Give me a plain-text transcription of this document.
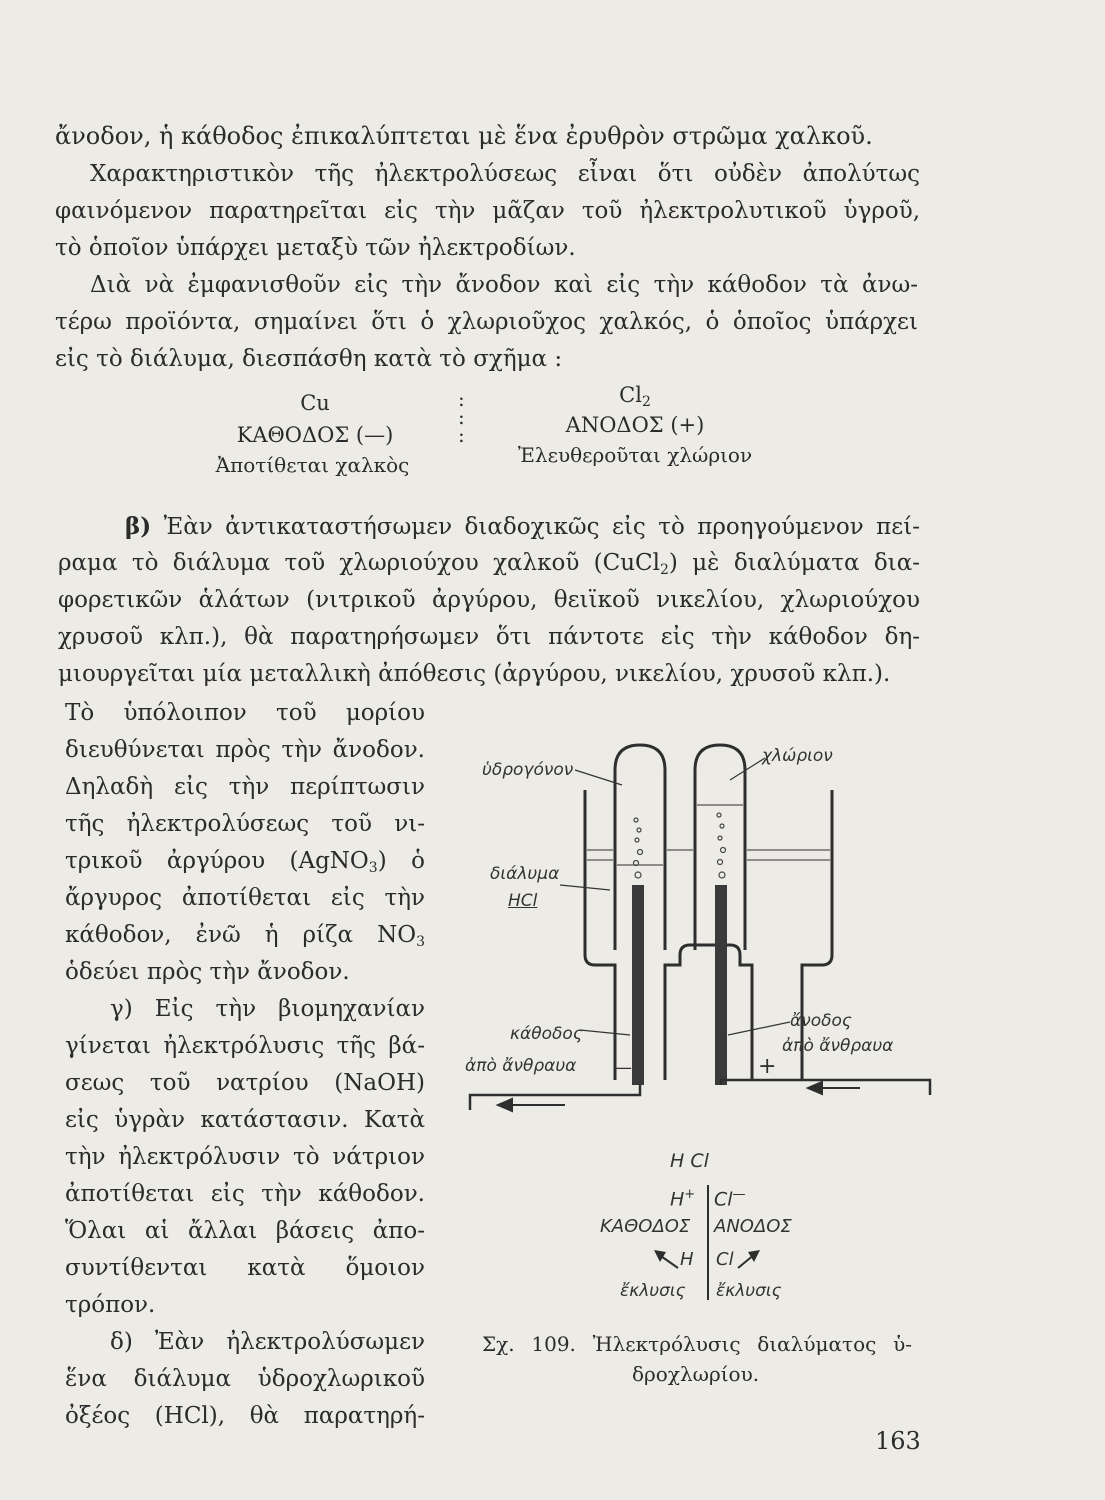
ἄνοδον, ἡ κάθοδος ἐπικαλύπτεται μὲ ἕνα ἐρυθρὸν στρῶμα χαλκοῦ.
Χαρακτηριστικὸν τῆς ἠλεκτρολύσεως εἶναι ὅτι οὐδὲν ἀπολύτως
φαινόμενον παρατηρεῖται εἰς τὴν μᾶζαν τοῦ ἠλεκτρολυτικοῦ ὑγροῦ,
τὸ ὁποῖον ὑπάρχει μεταξὺ τῶν ἠλεκτροδίων.
Διὰ νὰ ἐμφανισθοῦν εἰς τὴν ἄνοδον καὶ εἰς τὴν κάθοδον τὰ ἀνω-
τέρω προϊόντα, σημαίνει ὅτι ὁ χλωριοῦχος χαλκός, ὁ ὁποῖος ὑπάρχει
εἰς τὸ διάλυμα, διεσπάσθη κατὰ τὸ σχῆμα :
Cu
ΚΑΘΟΔΟΣ (—)
Ἀποτίθεται χαλκὸς
:
:
:
$Cl_2$
ΑΝΟΔΟΣ (+)
Ἐλευθεροῦται χλώριον
β) Ἐὰν ἀντικαταστήσωμεν διαδοχικῶς εἰς τὸ προηγούμενον πεί-
ραμα τὸ διάλυμα τοῦ χλωριούχου χαλκοῦ (CuCl$_2$) μὲ διαλύματα δια-
φορετικῶν ἁλάτων (νιτρικοῦ ἀργύρου, θειϊκοῦ νικελίου, χλωριούχου
χρυσοῦ κλπ.), θὰ παρατηρήσωμεν ὅτι πάντοτε εἰς τὴν κάθοδον δη-
μιουργεῖται μία μεταλλικὴ ἀπόθεσις (ἀργύρου, νικελίου, χρυσοῦ κλπ.).
Τὸ ὑπόλοιπον τοῦ μορίου
διευθύνεται πρὸς τὴν ἄνοδον.
Δηλαδὴ εἰς τὴν περίπτωσιν
τῆς ἠλεκτρολύσεως τοῦ νι-
τρικοῦ ἀργύρου (AgNO$_3$) ὁ
ἄργυρος ἀποτίθεται εἰς τὴν
κάθοδον, ἐνῶ ἡ ρίζα $NO_3$
ὁδεύει πρὸς τὴν ἄνοδον.
γ) Εἰς τὴν βιομηχανίαν
γίνεται ἠλεκτρόλυσις τῆς βά-
σεως τοῦ νατρίου (NaOH)
εἰς ὑγρὰν κατάστασιν. Κατὰ
τὴν ἠλεκτρόλυσιν τὸ νάτριον
ἀποτίθεται εἰς τὴν κάθοδον.
Ὅλαι αἱ ἄλλαι βάσεις ἀπο-
συντίθενται κατὰ ὅμοιον
τρόπον.
δ) Ἐὰν ἠλεκτρολύσωμεν
ἕνα διάλυμα ὑδροχλωρικοῦ
ὀξέος (HCl), θὰ παρατηρή-
ὑδρογόνον
χλώριον
διάλυμα
HCl
κάθοδος
ἀπὸ ἄνθραυα —
ἄνοδος
ἀπὸ ἄνθραυα
+
H Cl
H+ Cl—
ΚΑΘΟΔΟΣ ΑΝΟΔΟΣ
H Cl
ἔκλυσις ἔκλυσις
Σχ. 109. Ἠλεκτρόλυσις διαλύματος ὑ-
δροχλωρίου.
163
